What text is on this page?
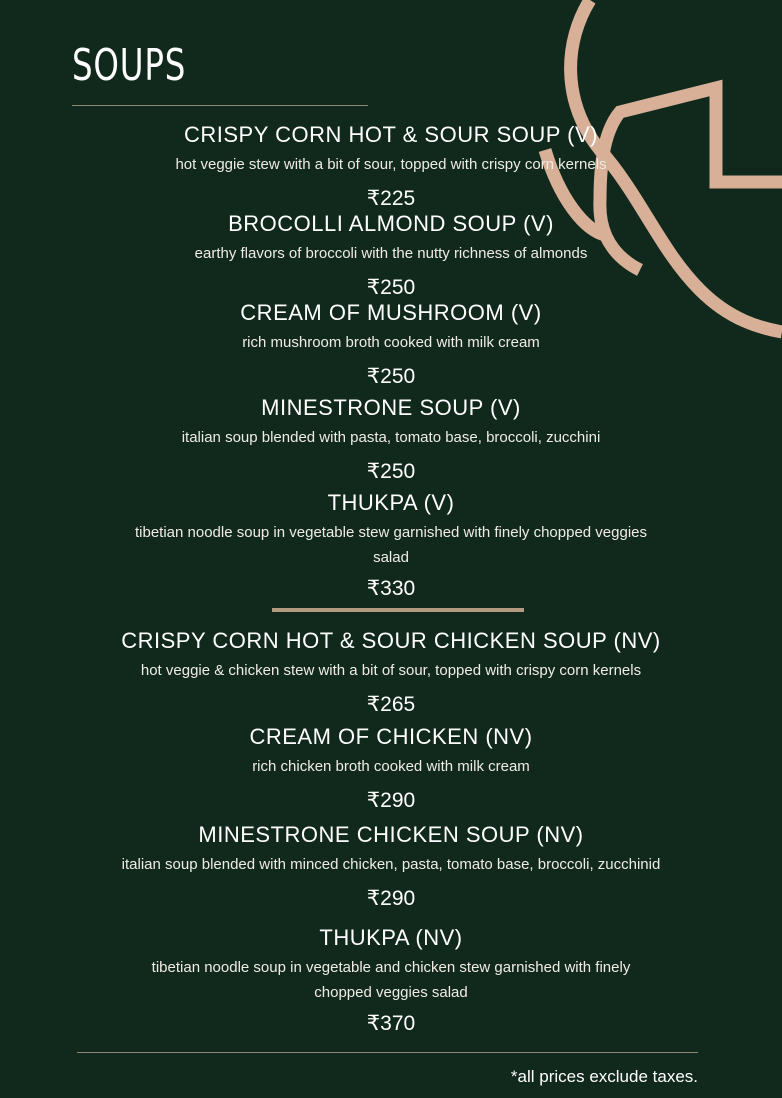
SOUPS
CRISPY CORN HOT & SOUR SOUP (V)
hot veggie stew with a bit of sour, topped with crispy corn kernels
₹225
BROCOLLI ALMOND SOUP (V)
earthy flavors of broccoli with the nutty richness of almonds
₹250
CREAM OF MUSHROOM (V)
rich mushroom broth cooked with milk cream
₹250
MINESTRONE SOUP (V)
italian soup blended with pasta, tomato base, broccoli, zucchini
₹250
THUKPA (V)
tibetian noodle soup in vegetable stew garnished with finely chopped veggies
salad
₹330
CRISPY CORN HOT & SOUR CHICKEN SOUP (NV)
hot veggie & chicken stew with a bit of sour, topped with crispy corn kernels
₹265
CREAM OF CHICKEN (NV)
rich chicken broth cooked with milk cream
₹290
MINESTRONE CHICKEN SOUP (NV)
italian soup blended with minced chicken, pasta, tomato base, broccoli, zucchinid
₹290
THUKPA (NV)
tibetian noodle soup in vegetable and chicken stew garnished with finely
chopped veggies salad
₹370
*all prices exclude taxes.
